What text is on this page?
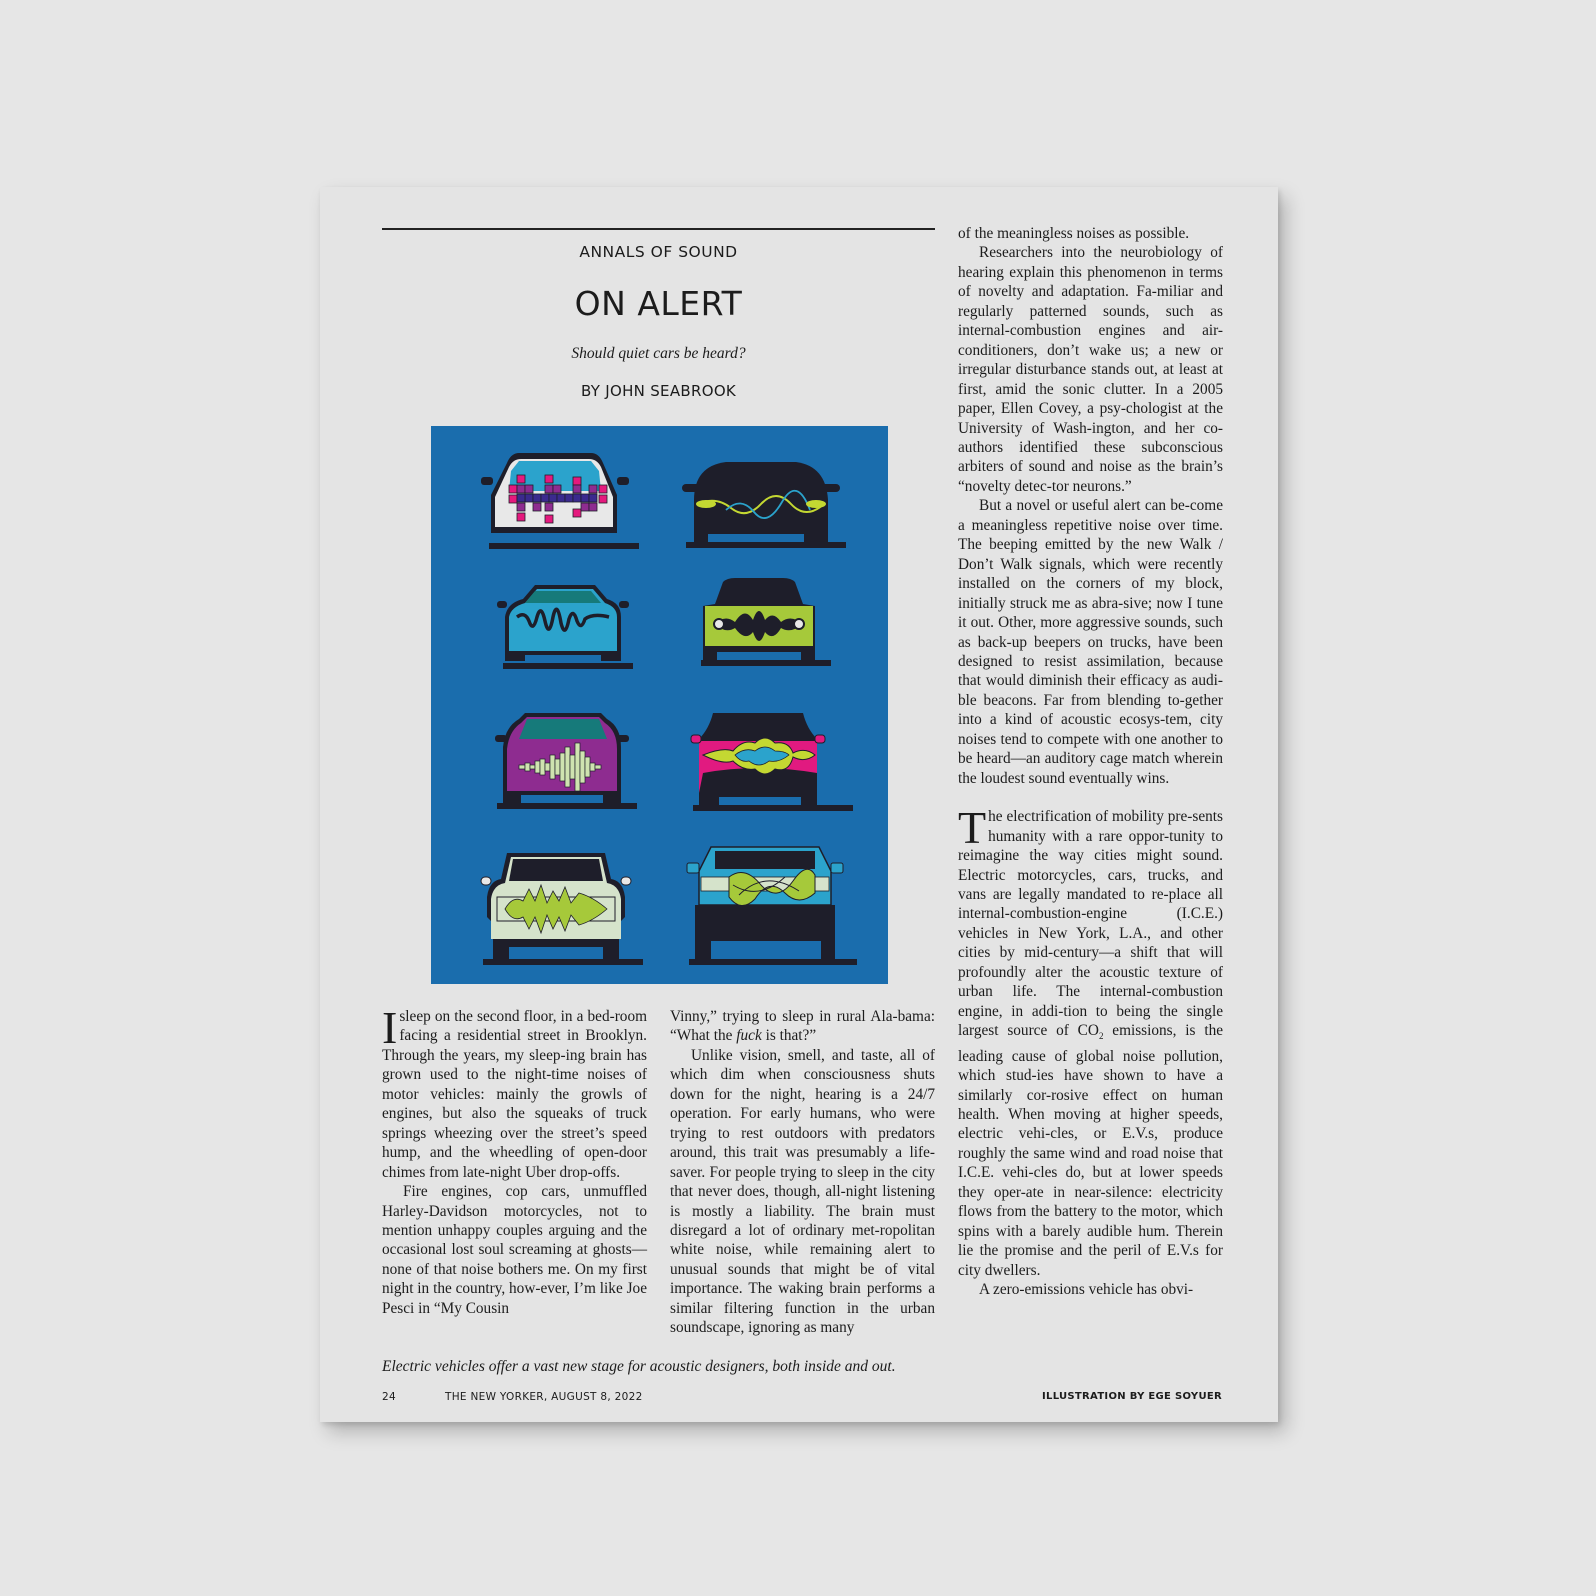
ANNALS OF SOUND
ON ALERT
Should quiet cars be heard?
BY JOHN SEABROOK

Isleep on the second floor, in a bed-room facing a residential street in Brooklyn. Through the years, my sleep-ing brain has grown used to the night-time noises of motor vehicles: mainly the growls of engines, but also the squeaks of truck springs wheezing over the street’s speed hump, and the wheedling of open-door chimes from late-night Uber drop-offs.

Fire engines, cop cars, unmuffled Harley-Davidson motorcycles, not to mention unhappy couples arguing and the occasional lost soul screaming at ghosts—none of that noise bothers me. On my first night in the country, how-ever, I’m like Joe Pesci in “My Cousin

Vinny,” trying to sleep in rural Ala-bama: “What the fuck is that?”

Unlike vision, smell, and taste, all of which dim when consciousness shuts down for the night, hearing is a 24/7 operation. For early humans, who were trying to rest outdoors with predators around, this trait was presumably a life-saver. For people trying to sleep in the city that never does, though, all-night listening is mostly a liability. The brain must disregard a lot of ordinary met-ropolitan white noise, while remaining alert to unusual sounds that might be of vital importance. The waking brain performs a similar filtering function in the urban soundscape, ignoring as many

of the meaningless noises as possible.

Researchers into the neurobiology of hearing explain this phenomenon in terms of novelty and adaptation. Fa-miliar and regularly patterned sounds, such as internal-combustion engines and air-conditioners, don’t wake us; a new or irregular disturbance stands out, at least at first, amid the sonic clutter. In a 2005 paper, Ellen Covey, a psy-chologist at the University of Wash-ington, and her co-authors identified these subconscious arbiters of sound and noise as the brain’s “novelty detec-tor neurons.”

But a novel or useful alert can be-come a meaningless repetitive noise over time. The beeping emitted by the new Walk / Don’t Walk signals, which were recently installed on the corners of my block, initially struck me as abra-sive; now I tune it out. Other, more aggressive sounds, such as back-up beepers on trucks, have been designed to resist assimilation, because that would diminish their efficacy as audi-ble beacons. Far from blending to-gether into a kind of acoustic ecosys-tem, city noises tend to compete with one another to be heard—an auditory cage match wherein the loudest sound eventually wins.

The electrification of mobility pre-sents humanity with a rare oppor-tunity to reimagine the way cities might sound. Electric motorcycles, cars, trucks, and vans are legally mandated to re-place all internal-combustion-engine (I.C.E.) vehicles in New York, L.A., and other cities by mid-century—a shift that will profoundly alter the acoustic texture of urban life. The internal-combustion engine, in addi-tion to being the single largest source of $CO_2$ emissions, is the leading cause of global noise pollution, which stud-ies have shown to have a similarly cor-rosive effect on human health. When moving at higher speeds, electric vehi-cles, or E.V.s, produce roughly the same wind and road noise that I.C.E. vehi-cles do, but at lower speeds they oper-ate in near-silence: electricity flows from the battery to the motor, which spins with a barely audible hum. Therein lie the promise and the peril of E.V.s for city dwellers.

A zero-emissions vehicle has obvi-

Electric vehicles offer a vast new stage for acoustic designers, both inside and out.
24	THE NEW YORKER, AUGUST 8, 2022	ILLUSTRATION BY EGE SOYUER
